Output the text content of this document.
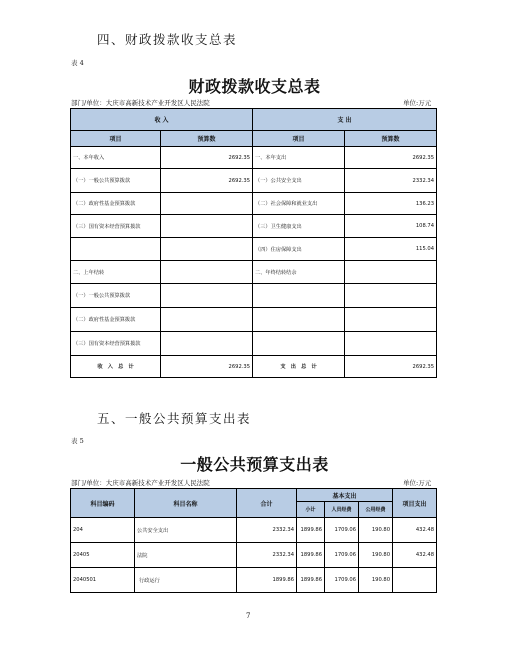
四、财政拨款收支总表
表 4
财政拨款收支总表
部门/单位：大庆市高新技术产业开发区人民法院	单位:万元
收 入		支 出	
项目	预算数	项目	预算数
一、本年收入	2692.35	一、本年支出	2692.35
（一）一般公共预算拨款	2692.35	（一）公共安全支出	2332.34
（二）政府性基金预算拨款		（二）社会保障和就业支出	136.23
（三）国有资本经营预算拨款		（三）卫生健康支出	108.74
		（四）住房保障支出	115.04
二、上年结转		二、年终结转结余	
（一）一般公共预算拨款			
（二）政府性基金预算拨款			
（三）国有资本经营预算拨款			
收　入　总　计	2692.35	支　出　总　计	2692.35
五、一般公共预算支出表
表 5
一般公共预算支出表
部门/单位：大庆市高新技术产业开发区人民法院	单位:万元
科目编码	科目名称	合计	基本支出			项目支出
			小计	人员经费	公用经费	
204	公共安全支出	2332.34	1899.86	1709.06	190.80	432.48
20405	法院	2332.34	1899.86	1709.06	190.80	432.48
2040501	行政运行	1899.86	1899.86	1709.06	190.80	
7
